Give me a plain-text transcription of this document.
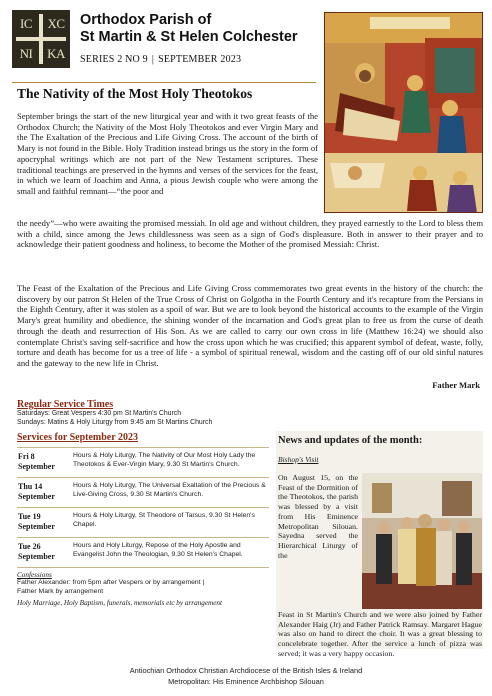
IC	XC
NI	KA
Orthodox Parish of
St Martin & St Helen Colchester
SERIES 2 NO 9 | SEPTEMBER 2023
The Nativity of the Most Holy Theotokos

September brings the start of the new liturgical year and with it two great feasts of the Orthodox Church; the Nativity of the Most Holy Theotokos and ever Virgin Mary and the The Exaltation of the Precious and Life Giving Cross. The account of the birth of Mary is not found in the Bible. Holy Tradition instead brings us the story in the form of apocryphal writings which are not part of the New Testament scriptures. These traditional teachings are preserved in the hymns and verses of the services for the feast, in which we learn of Joachim and Anna, a pious Jewish couple who were among the small and faithful remnant—“the poor and

the needy”—who were awaiting the promised messiah. In old age and without children, they prayed earnestly to the Lord to bless them with a child, since among the Jews childlessness was seen as a sign of God's displeasure. Both in answer to their prayer and to acknowledge their patient goodness and holiness, to become the Mother of the promised Messiah: Christ.

The Feast of the Exaltation of the Precious and Life Giving Cross commemorates two great events in the history of the church: the discovery by our patron St Helen of the True Cross of Christ on Golgotha in the Fourth Century and it's recapture from the Persians in the Eighth Century, after it was stolen as a spoil of war. But we are to look beyond the historical accounts to the example of the Virgin Mary's great humility and obedience, the shining wonder of the incarnation and God's great plan to free us from the curse of death through the death and resurrection of His Son. As we are called to carry our own cross in life (Matthew 16:24) we should also contemplate Christ's saving self-sacrifice and how the cross upon which he was crucified; this apparent symbol of defeat, waste, folly, torture and death has become for us a tree of life - a symbol of spiritual renewal, wisdom and the casting off of our old sinful natures and the gateway to the new life in Christ.

Father Mark
Regular Service Times
Saturdays: Great Vespers 4:30 pm St Martin's Church
Sundays: Matins & Holy Liturgy from 9:45 am St Martins Church
Services for September 2023
Fri 8 September
Hours & Holy Liturgy, The Nativity of Our Most Holy Lady the Theotokos & Ever-Virgin Mary, 9.30 St Martin's Church.
Thu 14 September
Hours & Holy Liturgy, The Universal Exaltation of the Precious & Live-Giving Cross, 9.30 St Martin's Church.
Tue 19 September
Hours & Holy Liturgy, St Theodore of Tarsus, 9.30 St Helen's Chapel.
Tue 26 September
Hours and Holy Liturgy, Repose of the Holy Apostle and Evangelist John the Theologian, 9.30 St Helen's Chapel.
Confessions
Father Alexander: from 5pm after Vespers or by arrangement |
Father Mark by arrangement
Holy Marriage, Holy Baptism, funerals, memorials etc by arrangement
News and updates of the month:
Bishop's Visit

On August 15, on the Feast of the Dormition of the Theotokos, the parish was blessed by a visit from His Eminence Metropolitan Silouan. Sayedna served the Hierarchical Liturgy of the

Feast in St Martin's Church and we were also joined by Father Alexander Haig (Jr) and Father Patrick Ramsay. Margaret Hague was also on hand to direct the choir. It was a great blessing to concelebrate together. After the service a lunch of pizza was served; it was a very happy occasion.

Antiochian Orthodox Christian Archdiocese of the British Isles & Ireland
Metropolitan: His Eminence Archbishop Silouan
